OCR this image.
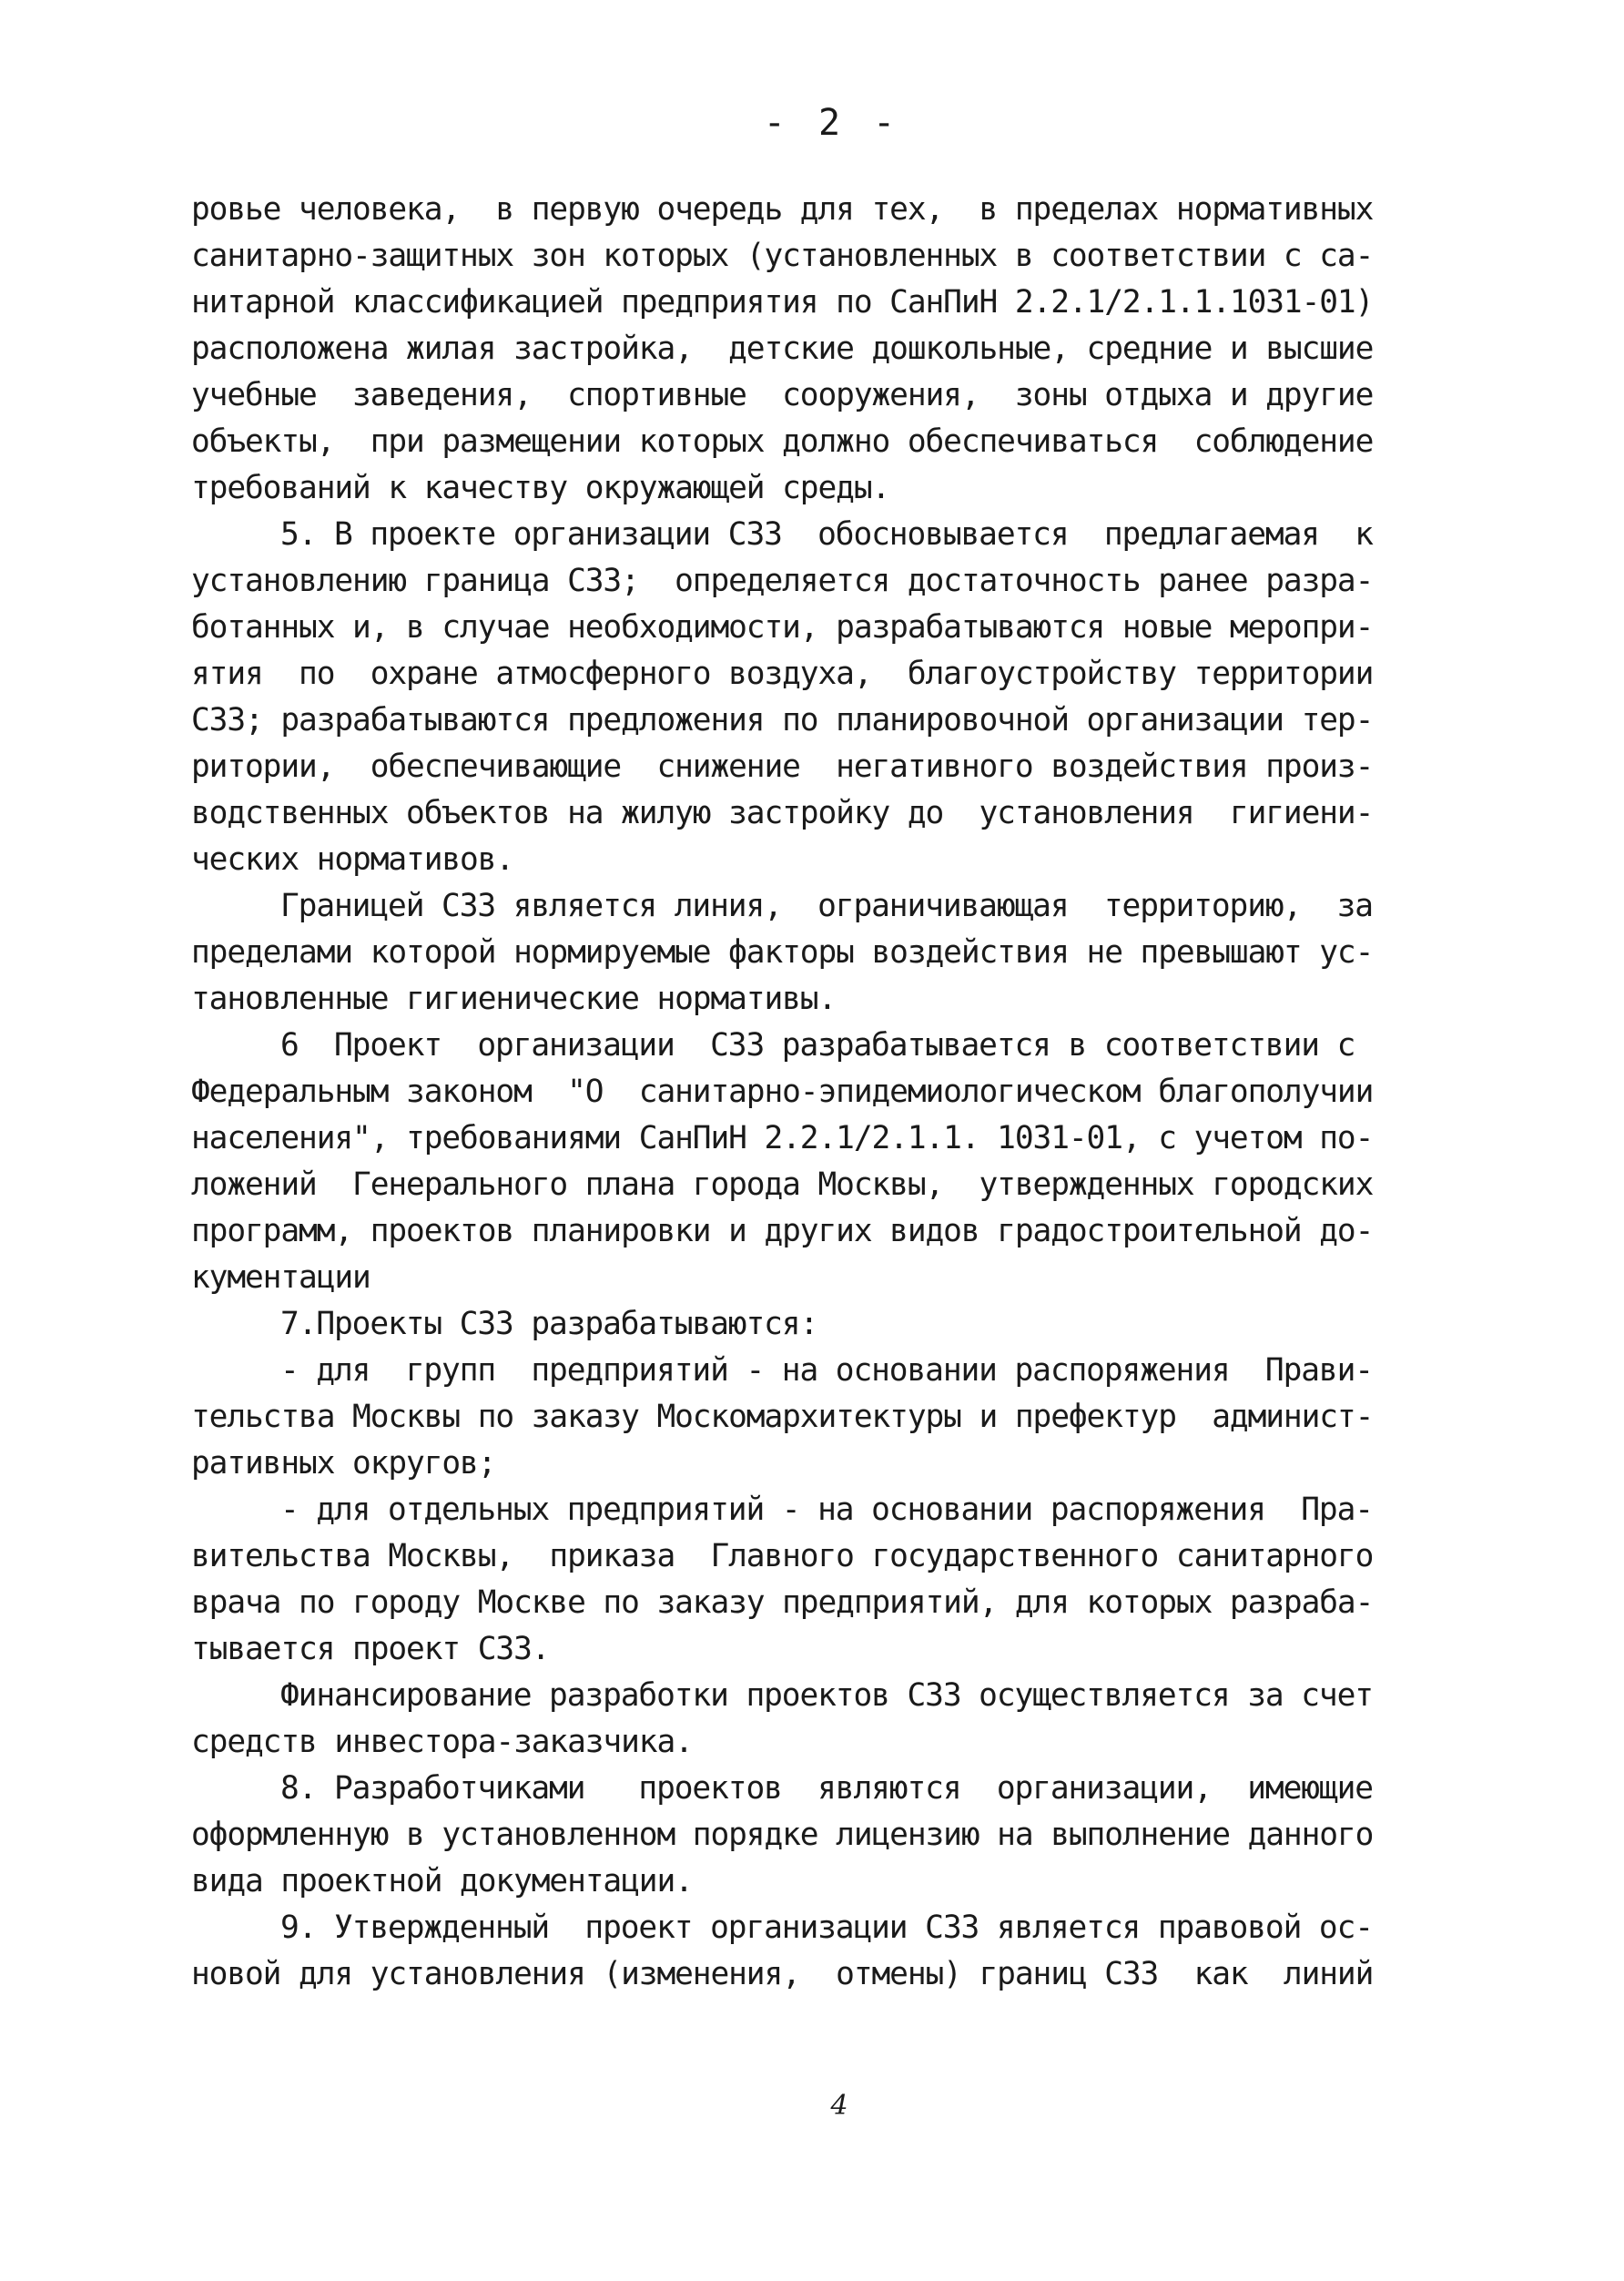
- 2 -
ровье человека,  в первую очередь для тех,  в пределах нормативных
санитарно-защитных зон которых (установленных в соответствии с са-
нитарной классификацией предприятия по СанПиН 2.2.1/2.1.1.1031-01)
расположена жилая застройка,  детские дошкольные, средние и высшие
учебные  заведения,  спортивные  сооружения,  зоны отдыха и другие
объекты,  при размещении которых должно обеспечиваться  соблюдение
требований к качеству окружающей среды.
5. В проекте организации СЗЗ  обосновывается  предлагаемая  к
установлению граница СЗЗ;  определяется достаточность ранее разра-
ботанных и, в случае необходимости, разрабатываются новые меропри-
ятия  по  охране атмосферного воздуха,  благоустройству территории
СЗЗ; разрабатываются предложения по планировочной организации тер-
ритории,  обеспечивающие  снижение  негативного воздействия произ-
водственных объектов на жилую застройку до  установления  гигиени-
ческих нормативов.
Границей СЗЗ является линия,  ограничивающая  территорию,  за
пределами которой нормируемые факторы воздействия не превышают ус-
тановленные гигиенические нормативы.
6  Проект  организации  СЗЗ разрабатывается в соответствии с
Федеральным законом  "О  санитарно-эпидемиологическом благополучии
населения", требованиями СанПиН 2.2.1/2.1.1. 1031-01, с учетом по-
ложений  Генерального плана города Москвы,  утвержденных городских
программ, проектов планировки и других видов градостроительной до-
кументации
7.Проекты СЗЗ разрабатываются:
- для  групп  предприятий - на основании распоряжения  Прави-
тельства Москвы по заказу Москомархитектуры и префектур  админист-
ративных округов;
- для отдельных предприятий - на основании распоряжения  Пра-
вительства Москвы,  приказа  Главного государственного санитарного
врача по городу Москве по заказу предприятий, для которых разраба-
тывается проект СЗЗ.
Финансирование разработки проектов СЗЗ осуществляется за счет
средств инвестора-заказчика.
8. Разработчиками   проектов  являются  организации,  имеющие
оформленную в установленном порядке лицензию на выполнение данного
вида проектной документации.
9. Утвержденный  проект организации СЗЗ является правовой ос-
новой для установления (изменения,  отмены) границ СЗЗ  как  линий
4
